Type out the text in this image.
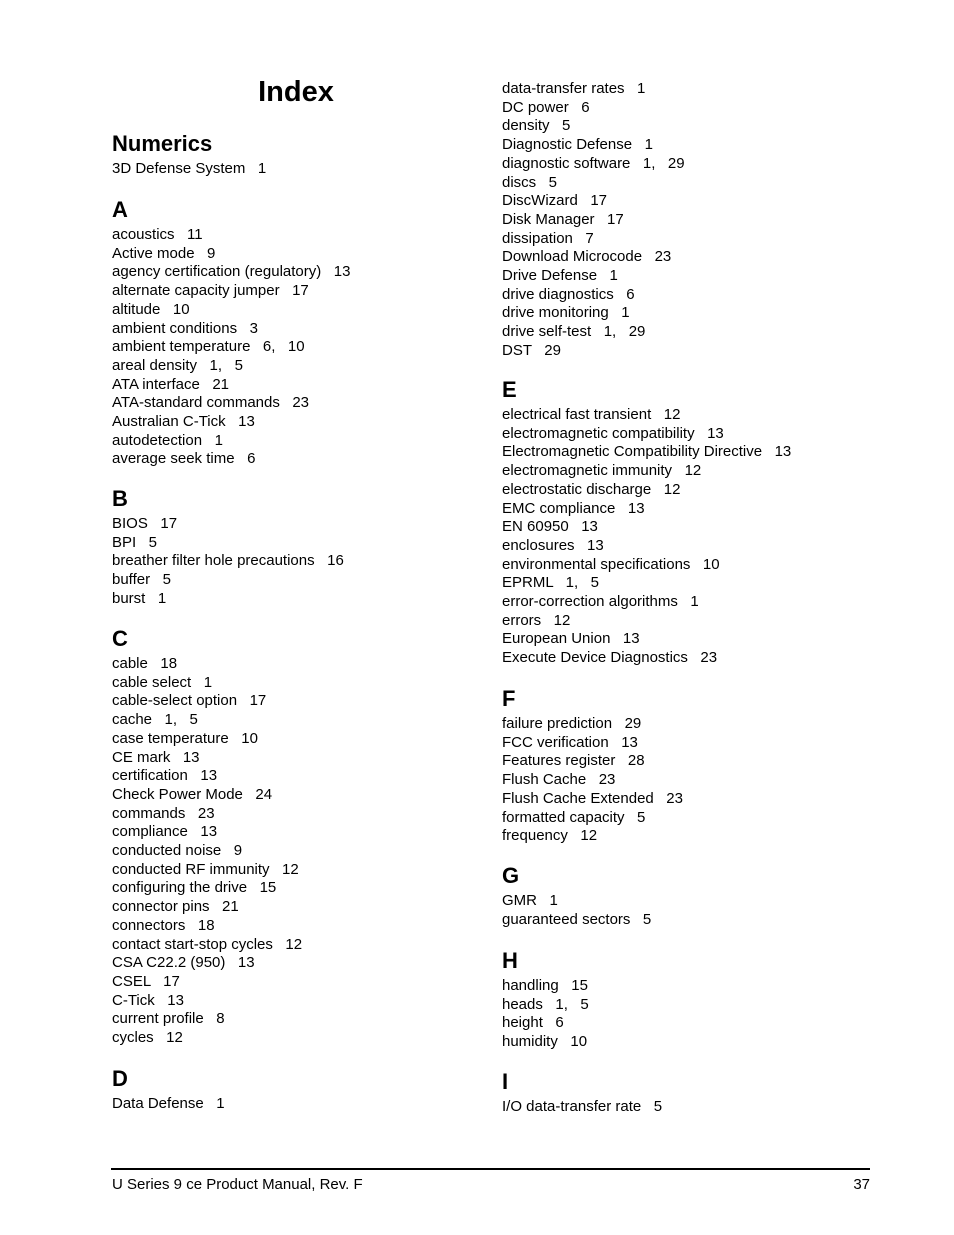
Index
Numerics
3D Defense System   1
A
acoustics   11
Active mode   9
agency certification (regulatory)   13
alternate capacity jumper   17
altitude   10
ambient conditions   3
ambient temperature   6,   10
areal density   1,   5
ATA interface   21
ATA-standard commands   23
Australian C-Tick   13
autodetection   1
average seek time   6
B
BIOS   17
BPI   5
breather filter hole precautions   16
buffer   5
burst   1
C
cable   18
cable select   1
cable-select option   17
cache   1,   5
case temperature   10
CE mark   13
certification   13
Check Power Mode   24
commands   23
compliance   13
conducted noise   9
conducted RF immunity   12
configuring the drive   15
connector pins   21
connectors   18
contact start-stop cycles   12
CSA C22.2 (950)   13
CSEL   17
C-Tick   13
current profile   8
cycles   12
D
Data Defense   1
data-transfer rates   1
DC power   6
density   5
Diagnostic Defense   1
diagnostic software   1,   29
discs   5
DiscWizard   17
Disk Manager   17
dissipation   7
Download Microcode   23
Drive Defense   1
drive diagnostics   6
drive monitoring   1
drive self-test   1,   29
DST   29
E
electrical fast transient   12
electromagnetic compatibility   13
Electromagnetic Compatibility Directive   13
electromagnetic immunity   12
electrostatic discharge   12
EMC compliance   13
EN 60950   13
enclosures   13
environmental specifications   10
EPRML   1,   5
error-correction algorithms   1
errors   12
European Union   13
Execute Device Diagnostics   23
F
failure prediction   29
FCC verification   13
Features register   28
Flush Cache   23
Flush Cache Extended   23
formatted capacity   5
frequency   12
G
GMR   1
guaranteed sectors   5
H
handling   15
heads   1,   5
height   6
humidity   10
I
I/O data-transfer rate   5
U Series 9 ce Product Manual, Rev. F	37
